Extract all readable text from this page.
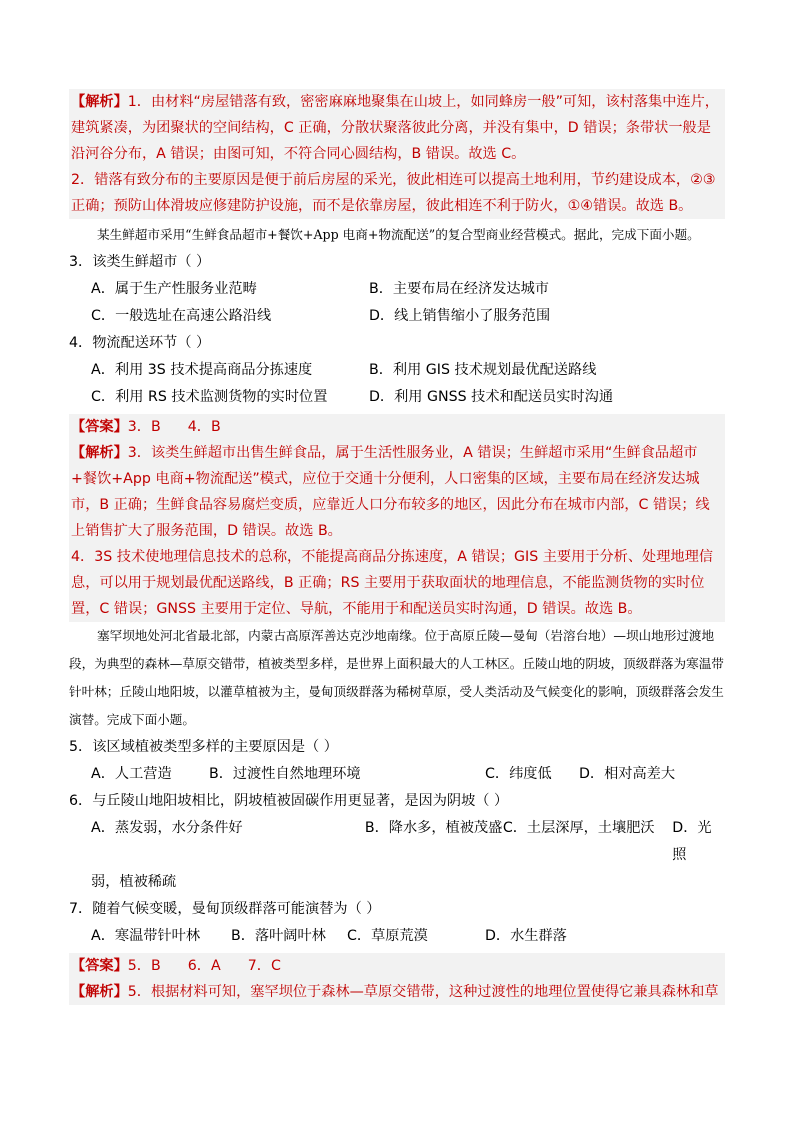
【解析】1．由材料“房屋错落有致，密密麻麻地聚集在山坡上，如同蜂房一般”可知，该村落集中连片，建筑紧凑，为团聚状的空间结构，C 正确，分散状聚落彼此分离，并没有集中，D 错误；条带状一般是沿河谷分布，A 错误；由图可知，不符合同心圆结构，B 错误。故选 C。
2．错落有致分布的主要原因是便于前后房屋的采光，彼此相连可以提高土地利用，节约建设成本，②③正确；预防山体滑坡应修建防护设施，而不是依靠房屋，彼此相连不利于防火，①④错误。故选 B。
某生鲜超市采用“生鲜食品超市+餐饮+App 电商+物流配送”的复合型商业经营模式。据此，完成下面小题。
3．该类生鲜超市（ ）
A．属于生产性服务业范畴	B．主要布局在经济发达城市
C．一般选址在高速公路沿线	D．线上销售缩小了服务范围
4．物流配送环节（ ）
A．利用 3S 技术提高商品分拣速度	B．利用 GIS 技术规划最优配送路线
C．利用 RS 技术监测货物的实时位置	D．利用 GNSS 技术和配送员实时沟通
【答案】3．B      4．B
【解析】3．该类生鲜超市出售生鲜食品，属于生活性服务业，A 错误；生鲜超市采用“生鲜食品超市+餐饮+App 电商+物流配送”模式，应位于交通十分便利，人口密集的区域，主要布局在经济发达城市，B 正确；生鲜食品容易腐烂变质，应靠近人口分布较多的地区，因此分布在城市内部，C 错误；线上销售扩大了服务范围，D 错误。故选 B。
4．3S 技术使地理信息技术的总称，不能提高商品分拣速度，A 错误；GIS 主要用于分析、处理地理信息，可以用于规划最优配送路线，B 正确；RS 主要用于获取面状的地理信息，不能监测货物的实时位置，C 错误；GNSS 主要用于定位、导航，不能用于和配送员实时沟通，D 错误。故选 B。
塞罕坝地处河北省最北部，内蒙古高原浑善达克沙地南缘。位于高原丘陵—曼甸（岩溶台地）—坝山地形过渡地段，为典型的森林—草原交错带，植被类型多样，是世界上面积最大的人工林区。丘陵山地的阴坡，顶级群落为寒温带针叶林；丘陵山地阳坡，以灌草植被为主，曼甸顶级群落为稀树草原，受人类活动及气候变化的影响，顶级群落会发生演替。完成下面小题。
5．该区域植被类型多样的主要原因是（ ）
A．人工营造	B．过渡性自然地理环境	C．纬度低	D．相对高差大
6．与丘陵山地阳坡相比，阴坡植被固碳作用更显著，是因为阴坡（ ）
A．蒸发弱，水分条件好	B．降水多，植被茂盛 C．土层深厚，土壤肥沃	D．光照
弱，植被稀疏
7．随着气候变暖，曼甸顶级群落可能演替为（ ）
A．寒温带针叶林	B．落叶阔叶林	C．草原荒漠	D．水生群落
【答案】5．B      6．A      7．C
【解析】5．根据材料可知，塞罕坝位于森林—草原交错带，这种过渡性的地理位置使得它兼具森林和草
